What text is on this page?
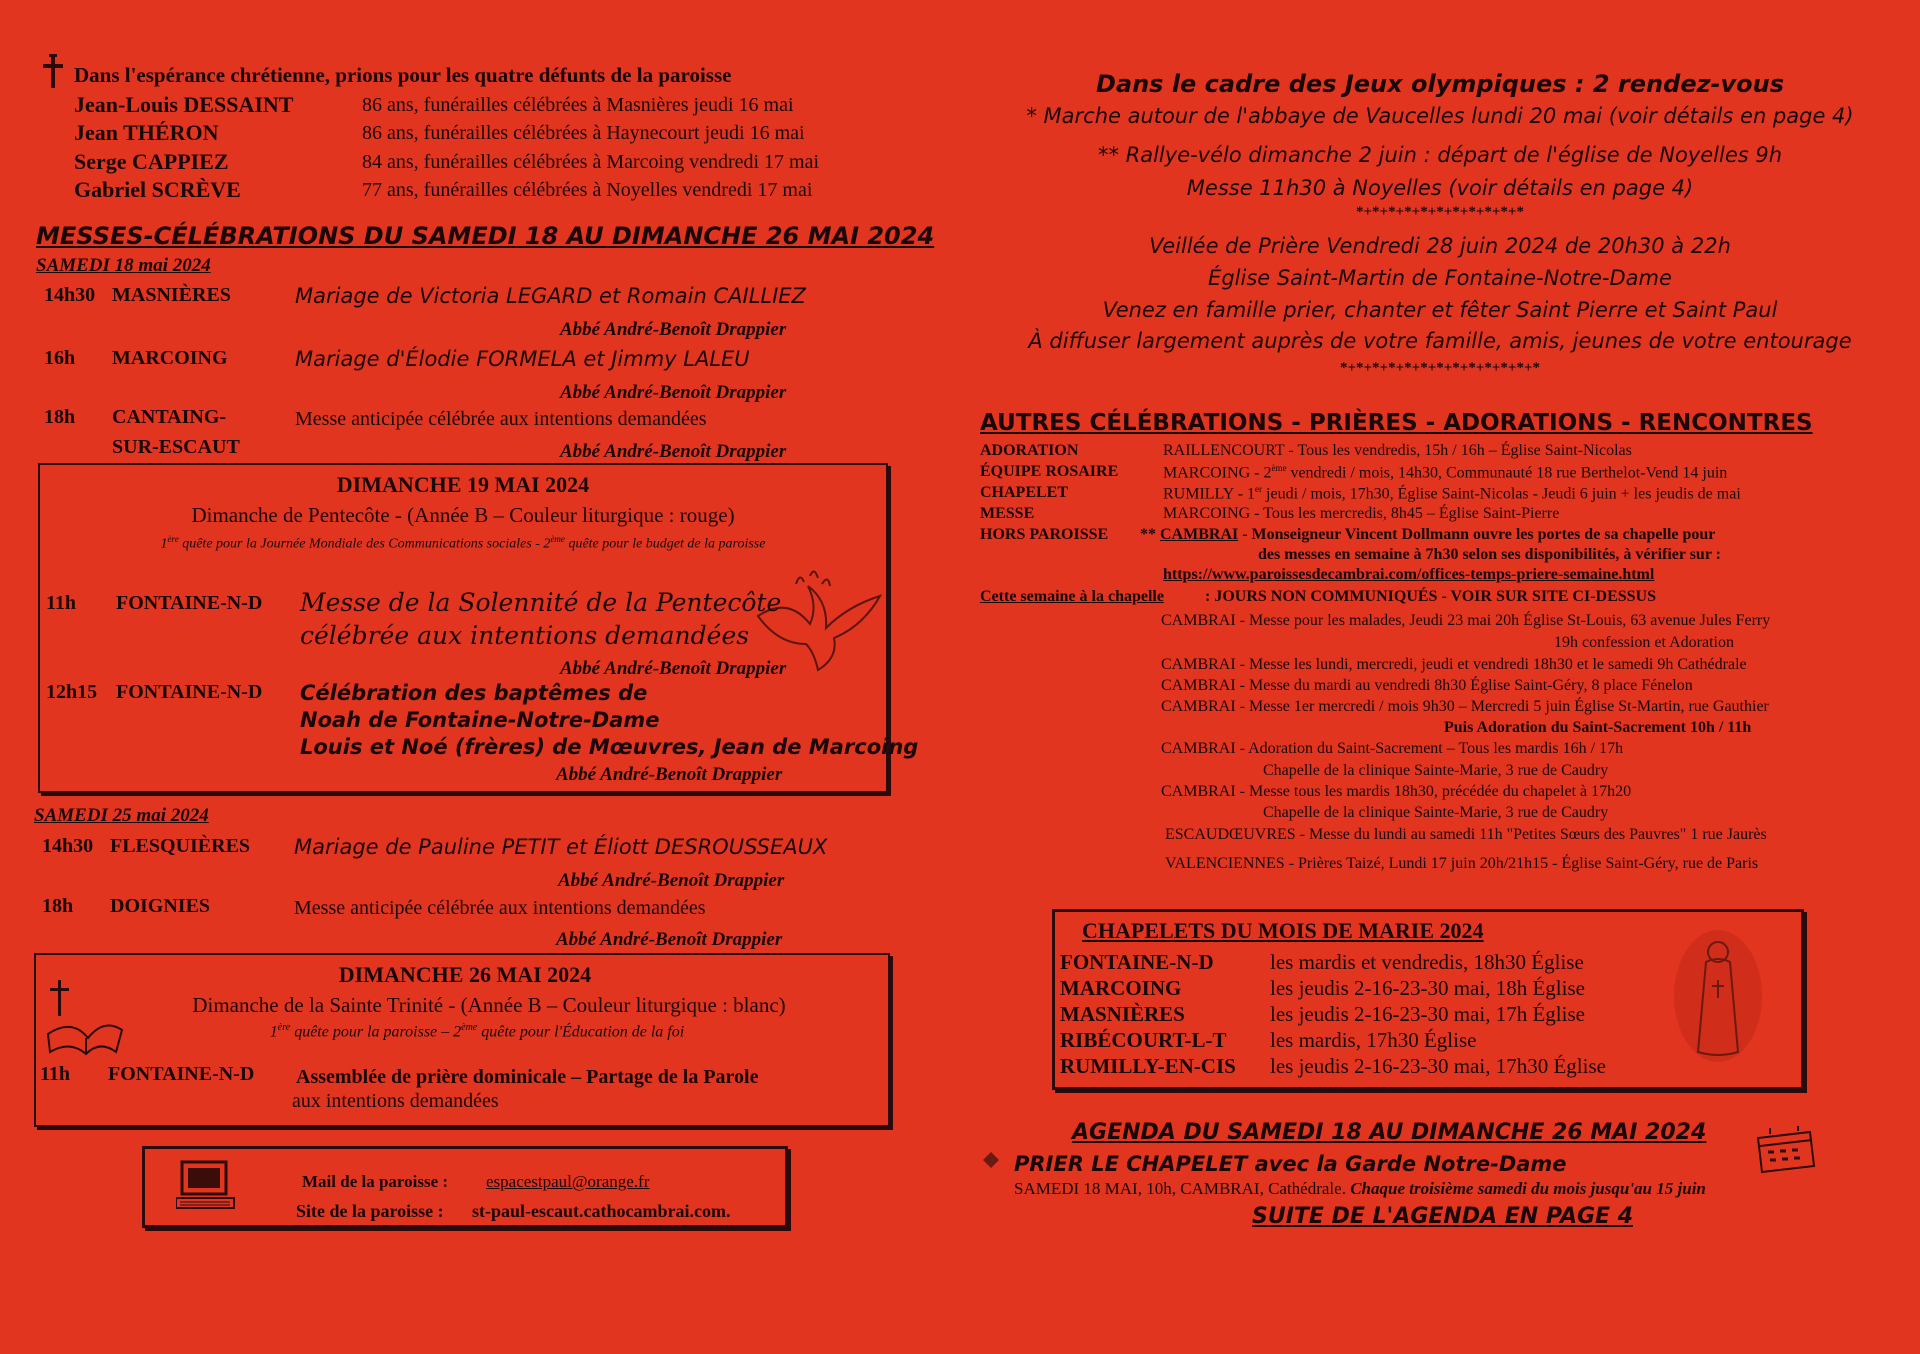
Dans l'espérance chrétienne, prions pour les quatre défunts de la paroisse
Jean-Louis DESSAINT	86 ans, funérailles célébrées à Masnières jeudi 16 mai
Jean THÉRON	86 ans, funérailles célébrées à Haynecourt jeudi 16 mai
Serge CAPPIEZ	84 ans, funérailles célébrées à Marcoing vendredi 17 mai
Gabriel SCRÈVE	77 ans, funérailles célébrées à Noyelles vendredi 17 mai
MESSES-CÉLÉBRATIONS DU SAMEDI 18 AU DIMANCHE 26 MAI 2024
SAMEDI 18 mai 2024
14h30 MASNIÈRES	Mariage de Victoria LEGARD et Romain CAILLIEZ
Abbé André-Benoît Drappier
16h MARCOING	Mariage d'Élodie FORMELA et Jimmy LALEU
Abbé André-Benoît Drappier
18h CANTAING-	Messe anticipée célébrée aux intentions demandées
SUR-ESCAUT	Abbé André-Benoît Drappier
DIMANCHE 19 MAI 2024
Dimanche de Pentecôte - (Année B – Couleur liturgique : rouge)
1ère quête pour la Journée Mondiale des Communications sociales - 2ème quête pour le budget de la paroisse
11h FONTAINE-N-D Messe de la Solennité de la Pentecôte
célébrée aux intentions demandées
Abbé André-Benoît Drappier
12h15 FONTAINE-N-D Célébration des baptêmes de
Noah de Fontaine-Notre-Dame
Louis et Noé (frères) de Mœuvres, Jean de Marcoing
Abbé André-Benoît Drappier
SAMEDI 25 mai 2024
14h30 FLESQUIÈRES Mariage de Pauline PETIT et Éliott DESROUSSEAUX
Abbé André-Benoît Drappier
18h DOIGNIES	Messe anticipée célébrée aux intentions demandées
Abbé André-Benoît Drappier
DIMANCHE 26 MAI 2024
Dimanche de la Sainte Trinité - (Année B – Couleur liturgique : blanc)
1ère quête pour la paroisse – 2ème quête pour l'Éducation de la foi
11h FONTAINE-N-D Assemblée de prière dominicale – Partage de la Parole
aux intentions demandées
Mail de la paroisse : espacestpaul@orange.fr
Site de la paroisse : st-paul-escaut.cathocambrai.com.
Dans le cadre des Jeux olympiques : 2 rendez-vous
* Marche autour de l'abbaye de Vaucelles lundi 20 mai (voir détails en page 4)
** Rallye-vélo dimanche 2 juin : départ de l'église de Noyelles 9h
Messe 11h30 à Noyelles (voir détails en page 4)
*+*+*+*+*+*+*+*+*+*+*
Veillée de Prière Vendredi 28 juin 2024 de 20h30 à 22h
Église Saint-Martin de Fontaine-Notre-Dame
Venez en famille prier, chanter et fêter Saint Pierre et Saint Paul
À diffuser largement auprès de votre famille, amis, jeunes de votre entourage
*+*+*+*+*+*+*+*+*+*+*+*+*
AUTRES CÉLÉBRATIONS - PRIÈRES - ADORATIONS - RENCONTRES
ADORATION	RAILLENCOURT - Tous les vendredis, 15h / 16h – Église Saint-Nicolas
ÉQUIPE ROSAIRE	MARCOING - 2ème vendredi / mois, 14h30, Communauté 18 rue Berthelot-Vend 14 juin
CHAPELET	RUMILLY - 1er jeudi / mois, 17h30, Église Saint-Nicolas - Jeudi 6 juin + les jeudis de mai
MESSE	MARCOING - Tous les mercredis, 8h45 – Église Saint-Pierre
HORS PAROISSE ** CAMBRAI - Monseigneur Vincent Dollmann ouvre les portes de sa chapelle pour
des messes en semaine à 7h30 selon ses disponibilités, à vérifier sur :
https://www.paroissesdecambrai.com/offices-temps-priere-semaine.html
Cette semaine à la chapelle	: JOURS NON COMMUNIQUÉS - VOIR SUR SITE CI-DESSUS
CAMBRAI - Messe pour les malades, Jeudi 23 mai 20h Église St-Louis, 63 avenue Jules Ferry
19h confession et Adoration
CAMBRAI - Messe les lundi, mercredi, jeudi et vendredi 18h30 et le samedi 9h Cathédrale
CAMBRAI - Messe du mardi au vendredi 8h30 Église Saint-Géry, 8 place Fénelon
CAMBRAI - Messe 1er mercredi / mois 9h30 – Mercredi 5 juin Église St-Martin, rue Gauthier
Puis Adoration du Saint-Sacrement 10h / 11h
CAMBRAI - Adoration du Saint-Sacrement – Tous les mardis 16h / 17h
Chapelle de la clinique Sainte-Marie, 3 rue de Caudry
CAMBRAI - Messe tous les mardis 18h30, précédée du chapelet à 17h20
Chapelle de la clinique Sainte-Marie, 3 rue de Caudry
ESCAUDŒUVRES - Messe du lundi au samedi 11h "Petites Sœurs des Pauvres" 1 rue Jaurès
VALENCIENNES - Prières Taizé, Lundi 17 juin 20h/21h15 - Église Saint-Géry, rue de Paris
CHAPELETS DU MOIS DE MARIE 2024
FONTAINE-N-D	les mardis et vendredis, 18h30 Église
MARCOING	les jeudis 2-16-23-30 mai, 18h Église
MASNIÈRES	les jeudis 2-16-23-30 mai, 17h Église
RIBÉCOURT-L-T les mardis, 17h30 Église
RUMILLY-EN-CIS les jeudis 2-16-23-30 mai, 17h30 Église
AGENDA DU SAMEDI 18 AU DIMANCHE 26 MAI 2024
PRIER LE CHAPELET avec la Garde Notre-Dame
SAMEDI 18 MAI, 10h, CAMBRAI, Cathédrale. Chaque troisième samedi du mois jusqu'au 15 juin
SUITE DE L'AGENDA EN PAGE 4
